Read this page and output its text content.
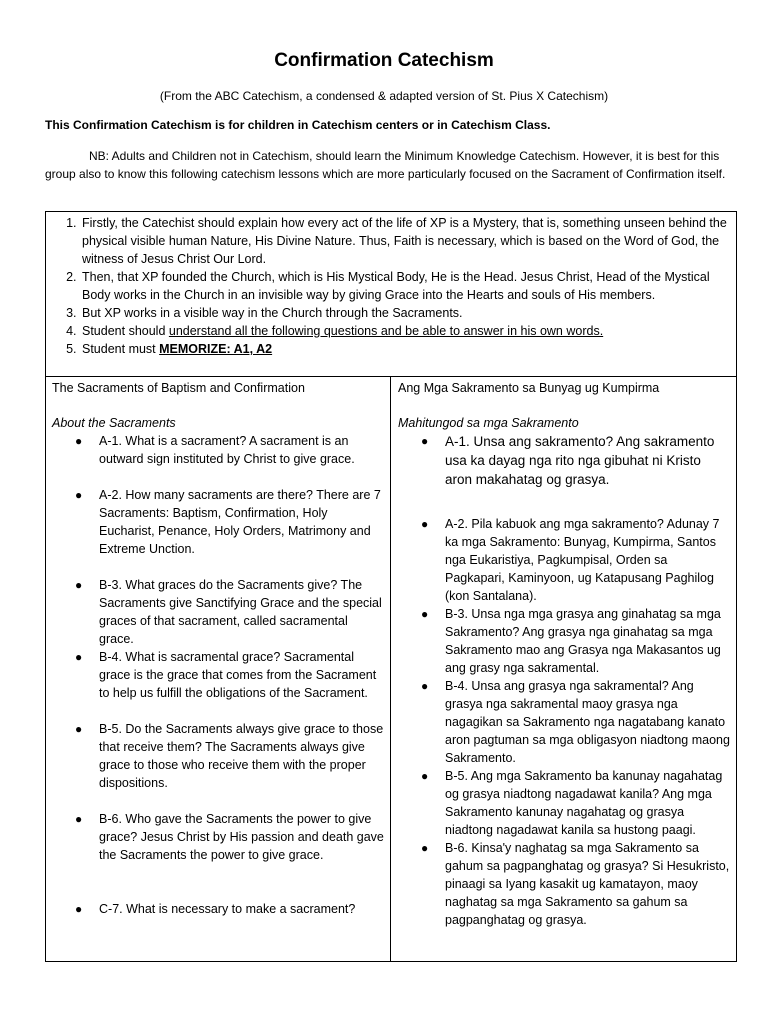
Confirmation Catechism
(From the ABC Catechism, a condensed & adapted version of St. Pius X Catechism)
This Confirmation Catechism is for children in Catechism centers or in Catechism Class.
NB: Adults and Children not in Catechism, should learn the Minimum Knowledge Catechism. However, it is best for this group also to know this following catechism lessons which are more particularly focused on the Sacrament of Confirmation itself.
1. Firstly, the Catechist should explain how every act of the life of XP is a Mystery, that is, something unseen behind the physical visible human Nature, His Divine Nature. Thus, Faith is necessary, which is based on the Word of God, the witness of Jesus Christ Our Lord.
2. Then, that XP founded the Church, which is His Mystical Body, He is the Head. Jesus Christ, Head of the Mystical Body works in the Church in an invisible way by giving Grace into the Hearts and souls of His members.
3. But XP works in a visible way in the Church through the Sacraments.
4. Student should understand all the following questions and be able to answer in his own words.
5. Student must MEMORIZE: A1, A2

The Sacraments of Baptism and Confirmation

About the Sacraments

● A-1. What is a sacrament? A sacrament is an outward sign instituted by Christ to give grace.
● A-2. How many sacraments are there? There are 7 Sacraments: Baptism, Confirmation, Holy Eucharist, Penance, Holy Orders, Matrimony and Extreme Unction.
● B-3. What graces do the Sacraments give? The Sacraments give Sanctifying Grace and the special graces of that sacrament, called sacramental grace.
● B-4. What is sacramental grace? Sacramental grace is the grace that comes from the Sacrament to help us fulfill the obligations of the Sacrament.
● B-5. Do the Sacraments always give grace to those that receive them? The Sacraments always give grace to those who receive them with the proper dispositions.
● B-6. Who gave the Sacraments the power to give grace? Jesus Christ by His passion and death gave the Sacraments the power to give grace.
● C-7. What is necessary to make a sacrament?

Ang Mga Sakramento sa Bunyag ug Kumpirma

Mahitungod sa mga Sakramento

● A-1. Unsa ang sakramento? Ang sakramento usa ka dayag nga rito nga gibuhat ni Kristo aron makahatag og grasya.
● A-2. Pila kabuok ang mga sakramento? Adunay 7 ka mga Sakramento: Bunyag, Kumpirma, Santos nga Eukaristiya, Pagkumpisal, Orden sa Pagkapari, Kaminyoon, ug Katapusang Paghilog (kon Santalana).
● B-3. Unsa nga mga grasya ang ginahatag sa mga Sakramento? Ang grasya nga ginahatag sa mga Sakramento mao ang Grasya nga Makasantos ug ang grasy nga sakramental.
● B-4. Unsa ang grasya nga sakramental? Ang grasya nga sakramental maoy grasya nga nagagikan sa Sakramento nga nagatabang kanato aron pagtuman sa mga obligasyon niadtong maong Sakramento.
● B-5. Ang mga Sakramento ba kanunay nagahatag og grasya niadtong nagadawat kanila? Ang mga Sakramento kanunay nagahatag og grasya niadtong nagadawat kanila sa hustong paagi.
● B-6. Kinsa'y naghatag sa mga Sakramento sa gahum sa pagpanghatag og grasya? Si Hesukristo, pinaagi sa Iyang kasakit ug kamatayon, maoy naghatag sa mga Sakramento sa gahum sa pagpanghatag og grasya.
